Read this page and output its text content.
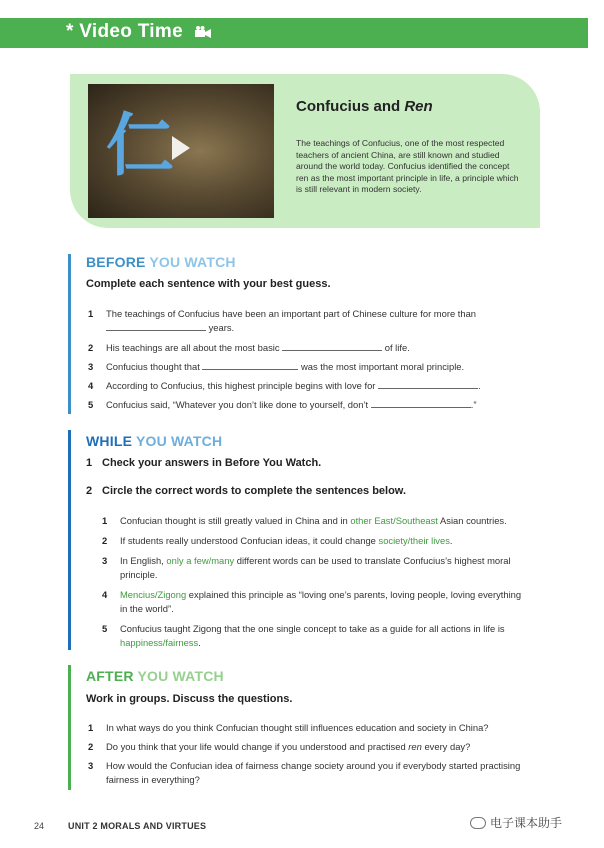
* Video Time
仁	Confucius and Ren
The teachings of Confucius, one of the most respected teachers of ancient China, are still known and studied around the world today. Confucius identified the concept ren as the most important principle in life, a principle which is still relevant in modern society.
BEFORE YOU WATCH
Complete each sentence with your best guess.
1 The teachings of Confucius have been an important part of Chinese culture for more than
years.
2 His teachings are all about the most basic	of life.
3 Confucius thought that	was the most important moral principle.
4 According to Confucius, this highest principle begins with love for	.
5 Confucius said, “Whatever you don’t like done to yourself, don’t	.”
WHILE YOU WATCH
1 Check your answers in Before You Watch.
2 Circle the correct words to complete the sentences below.
1 Confucian thought is still greatly valued in China and in other East/Southeast Asian countries.
2 If students really understood Confucian ideas, it could change society/their lives.
3 In English, only a few/many different words can be used to translate Confucius’s highest moral principle.
4 Mencius/Zigong explained this principle as “loving one’s parents, loving people, loving everything in the world”.
5 Confucius taught Zigong that the one single concept to take as a guide for all actions in life is happiness/fairness.
AFTER YOU WATCH
Work in groups. Discuss the questions.
1 In what ways do you think Confucian thought still influences education and society in China?
2 Do you think that your life would change if you understood and practised ren every day?
3 How would the Confucian idea of fairness change society around you if everybody started practising fairness in everything?
24	UNIT 2 MORALS AND VIRTUES	电子课本助手
